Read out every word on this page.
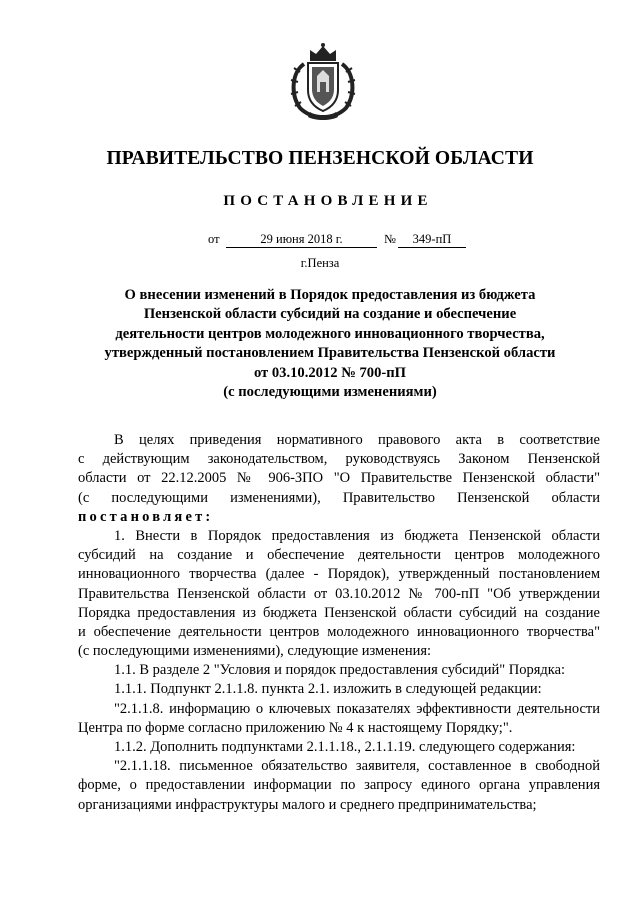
ПРАВИТЕЛЬСТВО ПЕНЗЕНСКОЙ ОБЛАСТИ
ПОСТАНОВЛЕНИЕ
от	29 июня 2018 г.	№	349-пП
г.Пенза
О внесении изменений в Порядок предоставления из бюджета
Пензенской области субсидий на создание и обеспечение
деятельности центров молодежного инновационного творчества,
утвержденный постановлением Правительства Пензенской области
от 03.10.2012 № 700-пП
(с последующими изменениями)
В целях приведения нормативного правового акта в соответствие
с действующим законодательством, руководствуясь Законом Пензенской
области от 22.12.2005 № 906-ЗПО "О Правительстве Пензенской области"
(с последующими изменениями), Правительство Пензенской области
постановляет:
1. Внести в Порядок предоставления из бюджета Пензенской области
субсидий на создание и обеспечение деятельности центров молодежного
инновационного творчества (далее - Порядок), утвержденный постановлением
Правительства Пензенской области от 03.10.2012 № 700-пП "Об утверждении
Порядка предоставления из бюджета Пензенской области субсидий на создание
и обеспечение деятельности центров молодежного инновационного творчества"
(с последующими изменениями), следующие изменения:
1.1. В разделе 2 "Условия и порядок предоставления субсидий" Порядка:
1.1.1. Подпункт 2.1.1.8. пункта 2.1. изложить в следующей редакции:
"2.1.1.8. информацию о ключевых показателях эффективности деятельности
Центра по форме согласно приложению № 4 к настоящему Порядку;".
1.1.2. Дополнить подпунктами 2.1.1.18., 2.1.1.19. следующего содержания:
"2.1.1.18. письменное обязательство заявителя, составленное в свободной
форме, о предоставлении информации по запросу единого органа управления
организациями инфраструктуры малого и среднего предпринимательства;
